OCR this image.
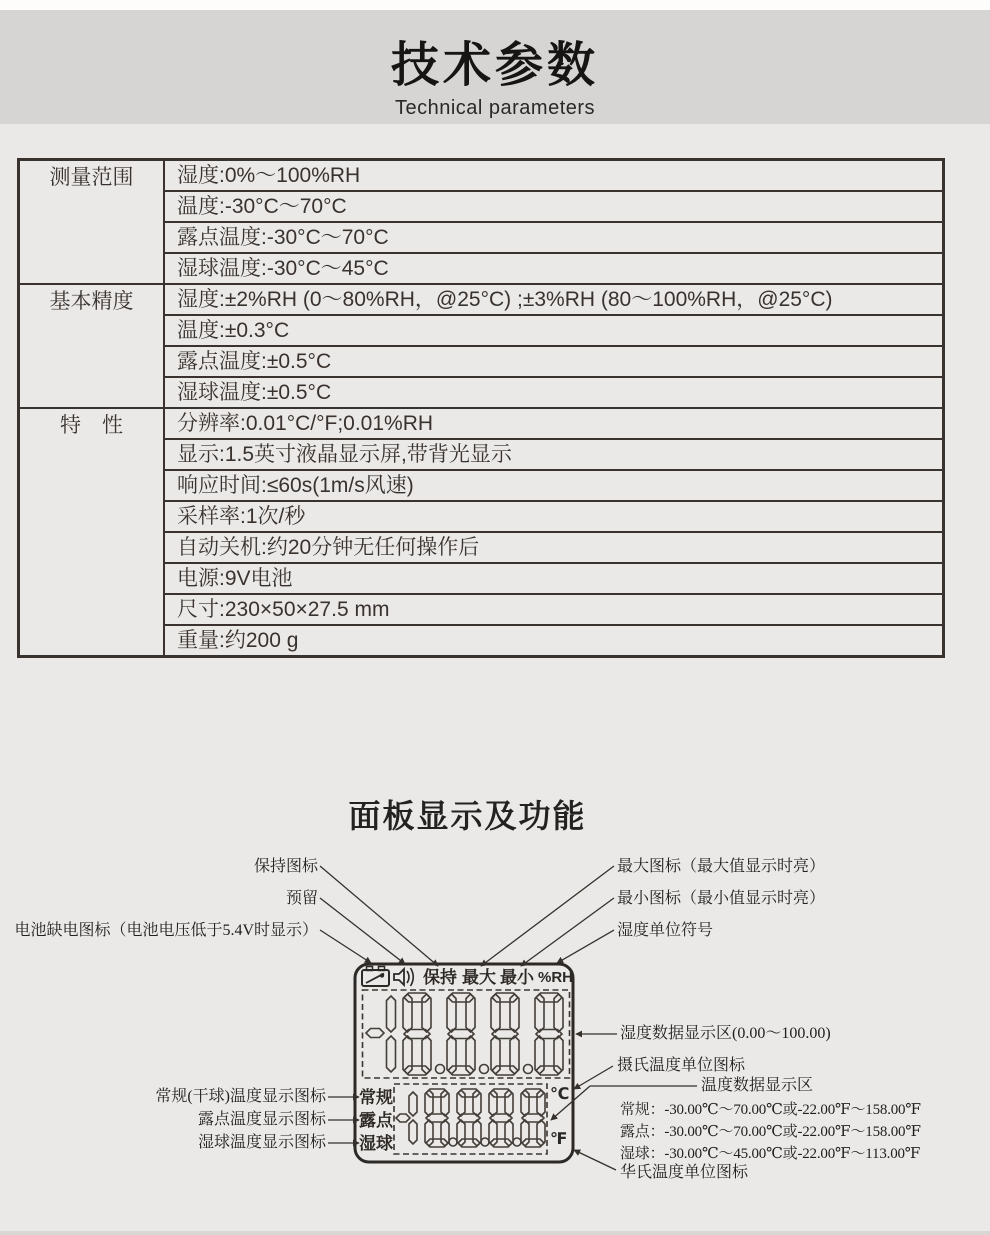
技术参数
Technical parameters
测量范围	湿度:0%～100%RH
	温度:-30°C～70°C
	露点温度:-30°C～70°C
	湿球温度:-30°C～45°C
基本精度	湿度:±2%RH (0～80%RH，@25°C) ;±3%RH (80～100%RH，@25°C)
	温度:±0.3°C
	露点温度:±0.5°C
	湿球温度:±0.5°C
特　性	分辨率:0.01°C/°F;0.01%RH
	显示:1.5英寸液晶显示屏,带背光显示
	响应时间:≤60s(1m/s风速)
	采样率:1次/秒
	自动关机:约20分钟无任何操作后
	电源:9V电池
	尺寸:230×50×27.5 mm
	重量:约200 g
面板显示及功能
保持 最大 最小 %RH
常规
露点
湿球
℃
℉
保持图标
预留
电池缺电图标（电池电压低于5.4V时显示）
最大图标（最大值显示时亮）
最小图标（最小值显示时亮）
湿度单位符号
湿度数据显示区(0.00～100.00)
摄氏温度单位图标
温度数据显示区
常规：-30.00℃～70.00℃或-22.00℉～158.00℉
露点：-30.00℃～70.00℃或-22.00℉～158.00℉
湿球：-30.00℃～45.00℃或-22.00℉～113.00℉
华氏温度单位图标
常规(干球)温度显示图标
露点温度显示图标
湿球温度显示图标
